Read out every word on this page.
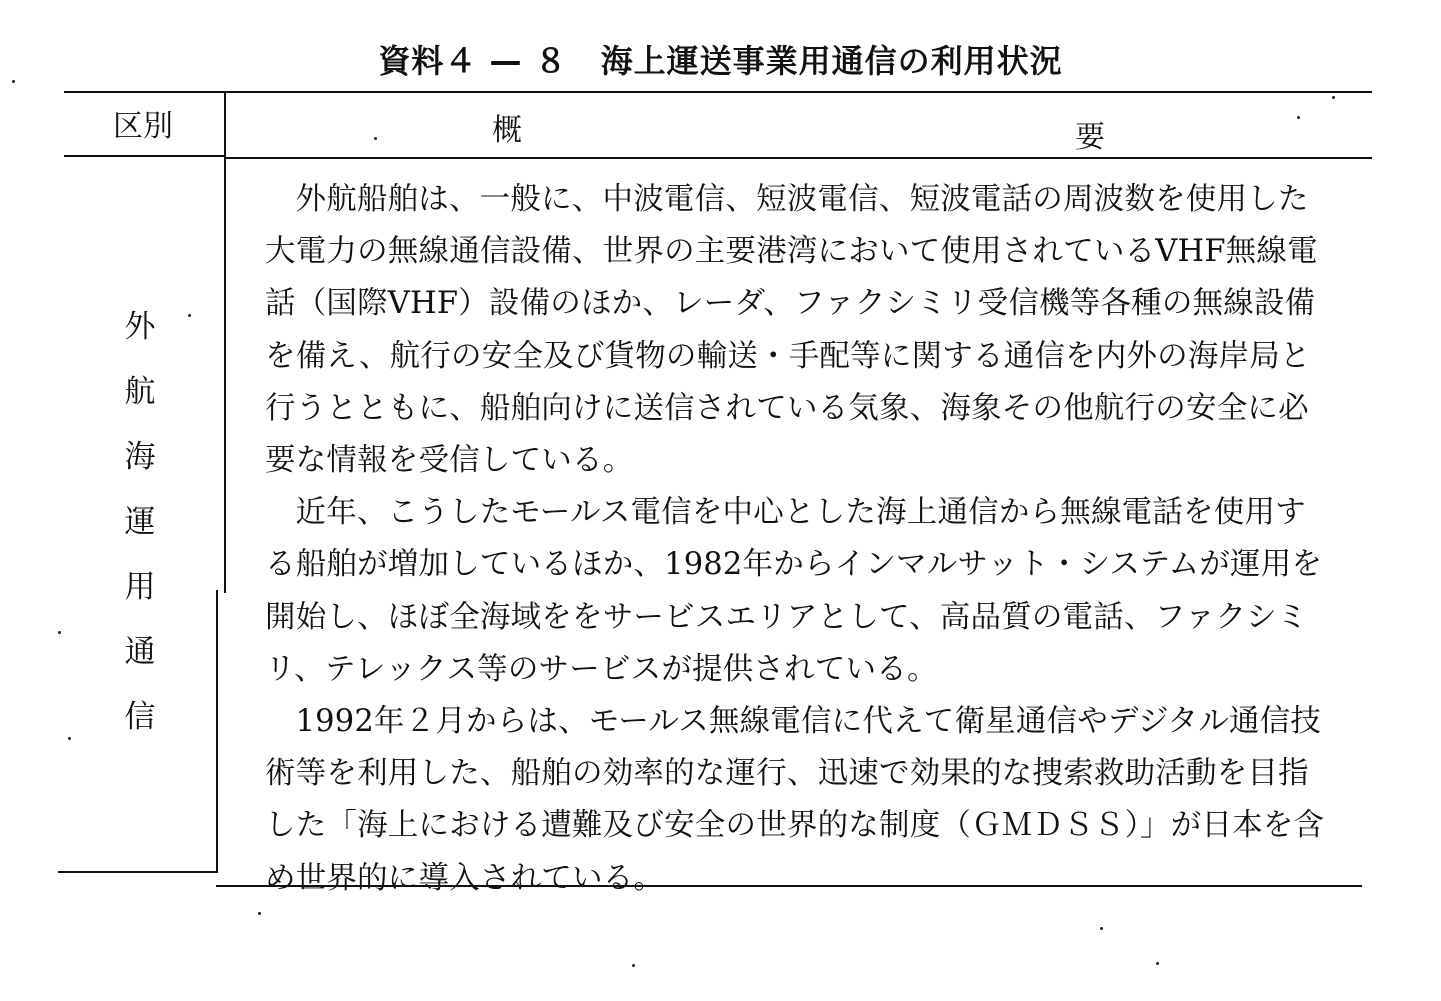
資料４ — ８　海上運送事業用通信の利用状況
区別	概	要
外
航
海
運
用
通
信

外航船舶は、一般に、中波電信、短波電信、短波電話の周波数を使用した大電力の無線通信設備、世界の主要港湾において使用されているVHF無線電話（国際VHF）設備のほか、レーダ、ファクシミリ受信機等各種の無線設備を備え、航行の安全及び貨物の輸送・手配等に関する通信を内外の海岸局と行うとともに、船舶向けに送信されている気象、海象その他航行の安全に必要な情報を受信している。

近年、こうしたモールス電信を中心とした海上通信から無線電話を使用する船舶が増加しているほか、1982年からインマルサット・システムが運用を開始し、ほぼ全海域ををサービスエリアとして、高品質の電話、ファクシミリ、テレックス等のサービスが提供されている。

1992年２月からは、モールス無線電信に代えて衛星通信やデジタル通信技術等を利用した、船舶の効率的な運行、迅速で効果的な捜索救助活動を目指した「海上における遭難及び安全の世界的な制度（ＧＭＤＳＳ）」が日本を含め世界的に導入されている。
